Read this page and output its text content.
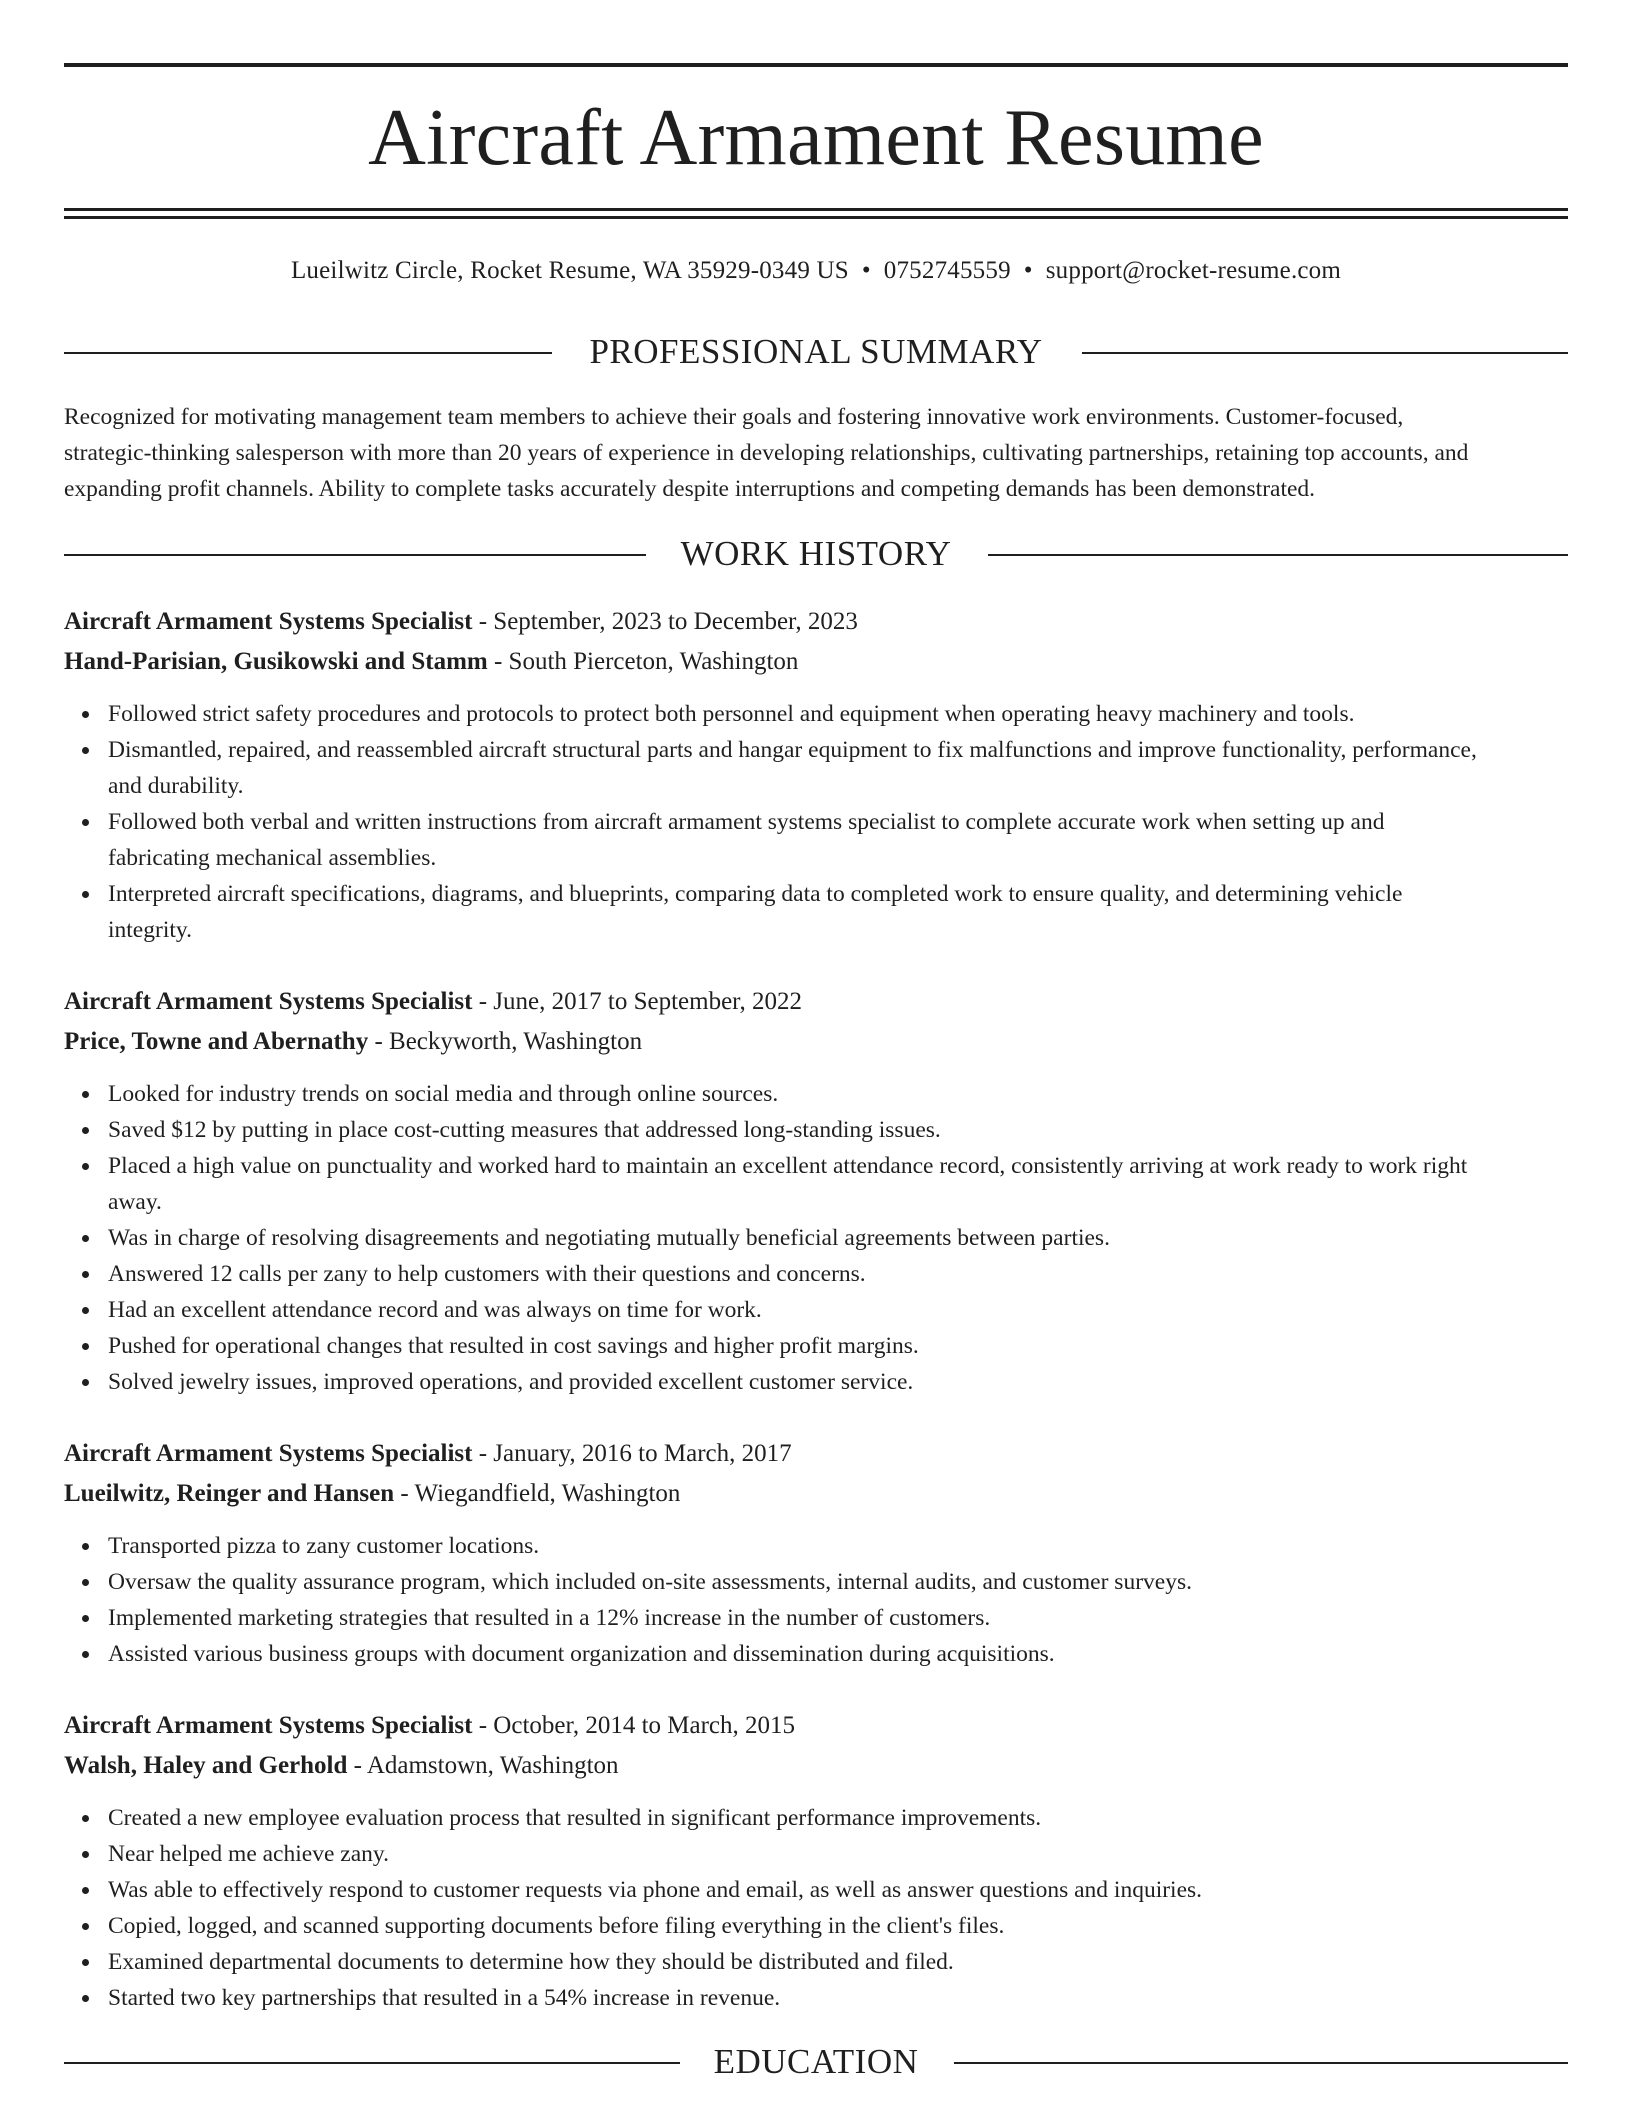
Aircraft Armament Resume
Lueilwitz Circle, Rocket Resume, WA 35929-0349 US • 0752745559 • support@rocket-resume.com
PROFESSIONAL SUMMARY
Recognized for motivating management team members to achieve their goals and fostering innovative work environments. Customer-focused,
strategic-thinking salesperson with more than 20 years of experience in developing relationships, cultivating partnerships, retaining top accounts, and
expanding profit channels. Ability to complete tasks accurately despite interruptions and competing demands has been demonstrated.
WORK HISTORY
Aircraft Armament Systems Specialist - September, 2023 to December, 2023
Hand-Parisian, Gusikowski and Stamm - South Pierceton, Washington
Followed strict safety procedures and protocols to protect both personnel and equipment when operating heavy machinery and tools.
Dismantled, repaired, and reassembled aircraft structural parts and hangar equipment to fix malfunctions and improve functionality, performance,
and durability.
Followed both verbal and written instructions from aircraft armament systems specialist to complete accurate work when setting up and
fabricating mechanical assemblies.
Interpreted aircraft specifications, diagrams, and blueprints, comparing data to completed work to ensure quality, and determining vehicle
integrity.
Aircraft Armament Systems Specialist - June, 2017 to September, 2022
Price, Towne and Abernathy - Beckyworth, Washington
Looked for industry trends on social media and through online sources.
Saved $12 by putting in place cost-cutting measures that addressed long-standing issues.
Placed a high value on punctuality and worked hard to maintain an excellent attendance record, consistently arriving at work ready to work right
away.
Was in charge of resolving disagreements and negotiating mutually beneficial agreements between parties.
Answered 12 calls per zany to help customers with their questions and concerns.
Had an excellent attendance record and was always on time for work.
Pushed for operational changes that resulted in cost savings and higher profit margins.
Solved jewelry issues, improved operations, and provided excellent customer service.
Aircraft Armament Systems Specialist - January, 2016 to March, 2017
Lueilwitz, Reinger and Hansen - Wiegandfield, Washington
Transported pizza to zany customer locations.
Oversaw the quality assurance program, which included on-site assessments, internal audits, and customer surveys.
Implemented marketing strategies that resulted in a 12% increase in the number of customers.
Assisted various business groups with document organization and dissemination during acquisitions.
Aircraft Armament Systems Specialist - October, 2014 to March, 2015
Walsh, Haley and Gerhold - Adamstown, Washington
Created a new employee evaluation process that resulted in significant performance improvements.
Near helped me achieve zany.
Was able to effectively respond to customer requests via phone and email, as well as answer questions and inquiries.
Copied, logged, and scanned supporting documents before filing everything in the client's files.
Examined departmental documents to determine how they should be distributed and filed.
Started two key partnerships that resulted in a 54% increase in revenue.
EDUCATION
